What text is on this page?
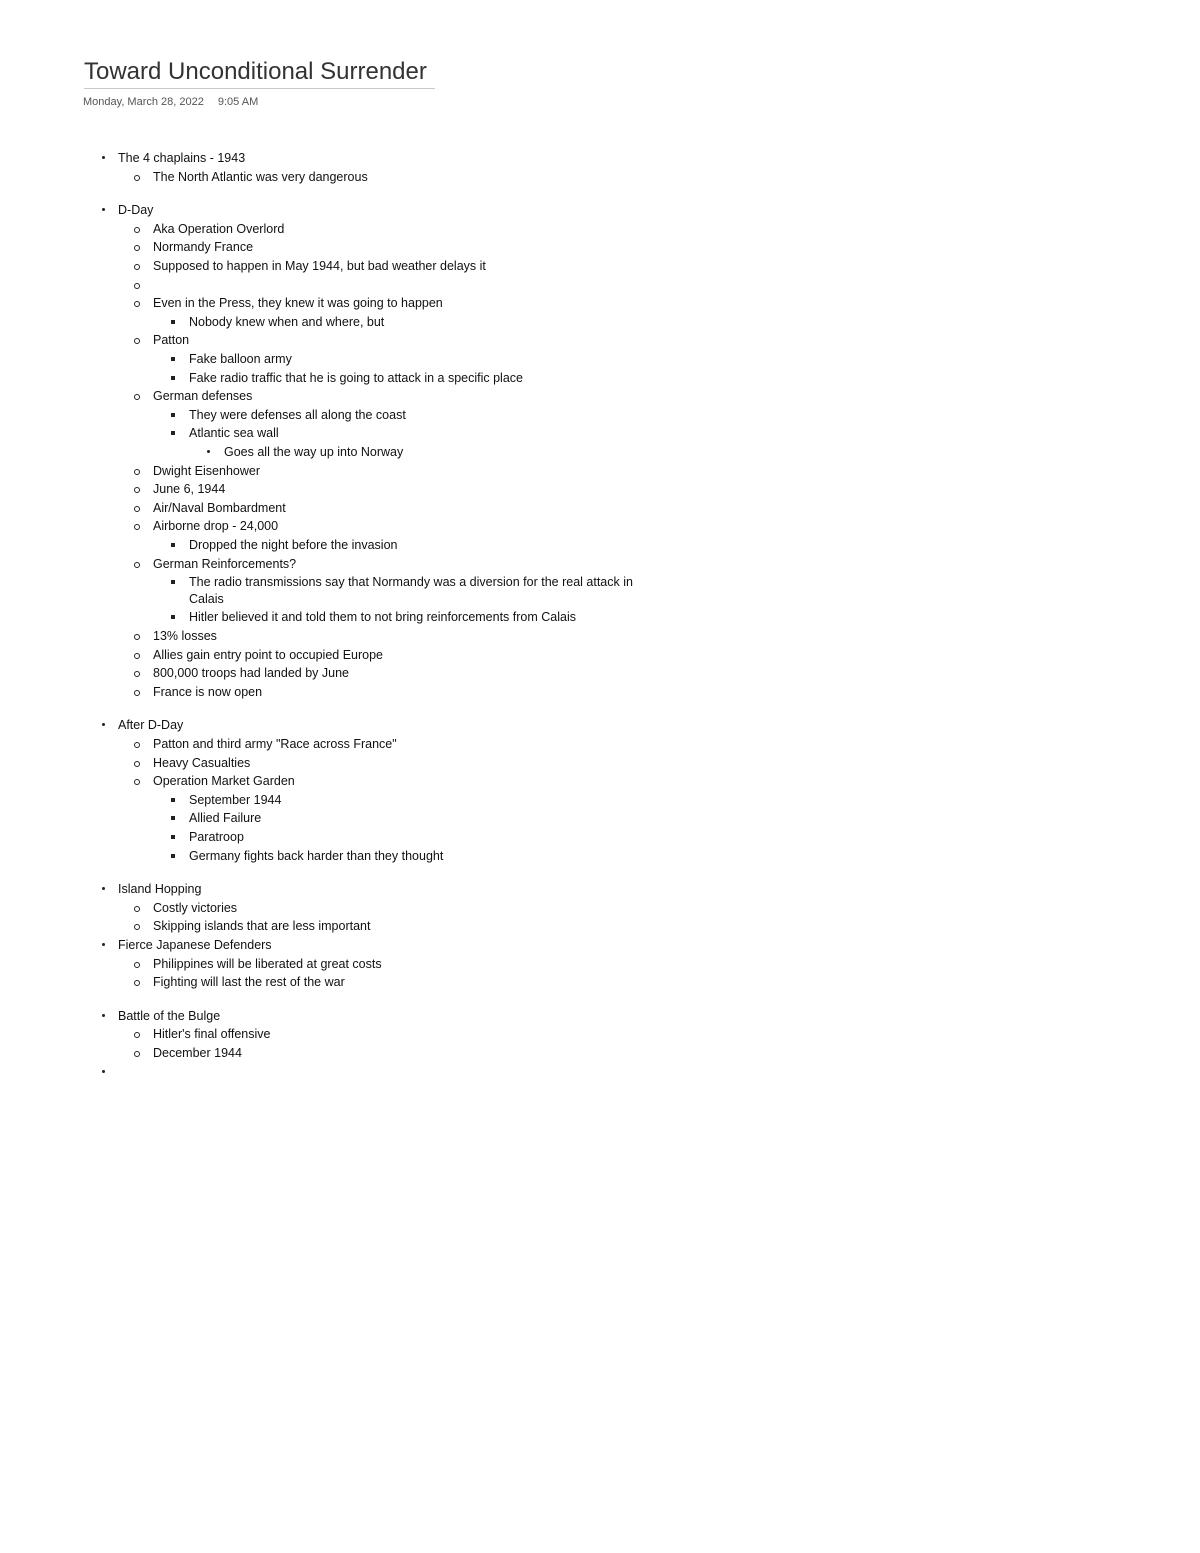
Toward Unconditional Surrender
Monday, March 28, 2022 9:05 AM
The 4 chaplains - 1943
The North Atlantic was very dangerous
D-Day
Aka Operation Overlord
Normandy France
Supposed to happen in May 1944, but bad weather delays it
Even in the Press, they knew it was going to happen
Nobody knew when and where, but
Patton
Fake balloon army
Fake radio traffic that he is going to attack in a specific place
German defenses
They were defenses all along the coast
Atlantic sea wall
Goes all the way up into Norway
Dwight Eisenhower
June 6, 1944
Air/Naval Bombardment
Airborne drop - 24,000
Dropped the night before the invasion
German Reinforcements?
The radio transmissions say that Normandy was a diversion for the real attack in
Calais
Hitler believed it and told them to not bring reinforcements from Calais
13% losses
Allies gain entry point to occupied Europe
800,000 troops had landed by June
France is now open
After D-Day
Patton and third army "Race across France"
Heavy Casualties
Operation Market Garden
September 1944
Allied Failure
Paratroop
Germany fights back harder than they thought
Island Hopping
Costly victories
Skipping islands that are less important
Fierce Japanese Defenders
Philippines will be liberated at great costs
Fighting will last the rest of the war
Battle of the Bulge
Hitler's final offensive
December 1944
